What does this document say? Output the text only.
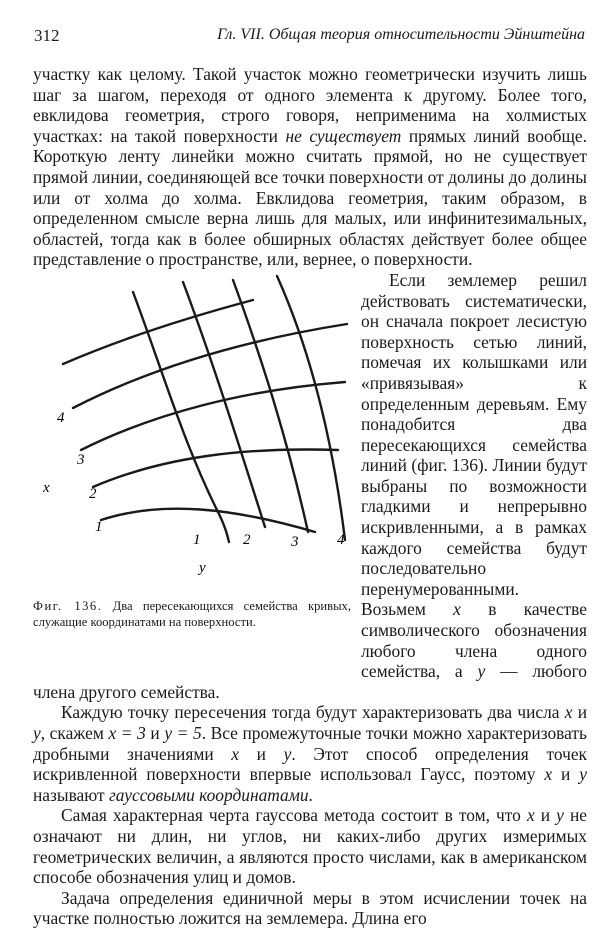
312	Гл. VII. Общая теория относительности Эйнштейна

участку как целому. Такой участок можно геометрически изучить лишь шаг за шагом, переходя от одного элемента к другому. Более того, евклидова геометрия, строго говоря, неприменима на холмистых участках: на такой поверхности не существует прямых линий вообще. Короткую ленту линейки можно считать прямой, но не существует прямой линии, соединяющей все точки поверхности от долины до долины или от холма до холма. Евклидова геометрия, таким образом, в определенном смысле верна лишь для малых, или инфинитезимальных, областей, тогда как в более обширных областях действует более общее представление о пространстве, или, вернее, о поверхности.

1
2
3
4
x
1	2	3	4
y
Фиг. 136. Два пересекающихся семейства кривых, служащие координатами на поверхности.

Если землемер решил действовать систематически, он сначала покроет лесистую поверхность сетью линий, помечая их колышками или «привязывая» к определенным деревьям. Ему понадобится два пересекающихся семейства линий (фиг. 136). Линии будут выбраны по возможности гладкими и непрерывно искривленными, а в рамках каждого семейства будут последовательно перенумерованными. Возьмем x в качестве символического обозначения любого члена одного семейства, а y — любого члена другого семейства.

Каждую точку пересечения тогда будут характеризовать два числа x и y, скажем x = 3 и y = 5. Все промежуточные точки можно характеризовать дробными значениями x и y. Этот способ определения точек искривленной поверхности впервые использовал Гаусс, поэтому x и y называют гауссовыми координатами.

Самая характерная черта гауссова метода состоит в том, что x и y не означают ни длин, ни углов, ни каких-либо других измеримых геометрических величин, а являются просто числами, как в американском способе обозначения улиц и домов.

Задача определения единичной меры в этом исчислении точек на участке полностью ложится на землемера. Длина его
